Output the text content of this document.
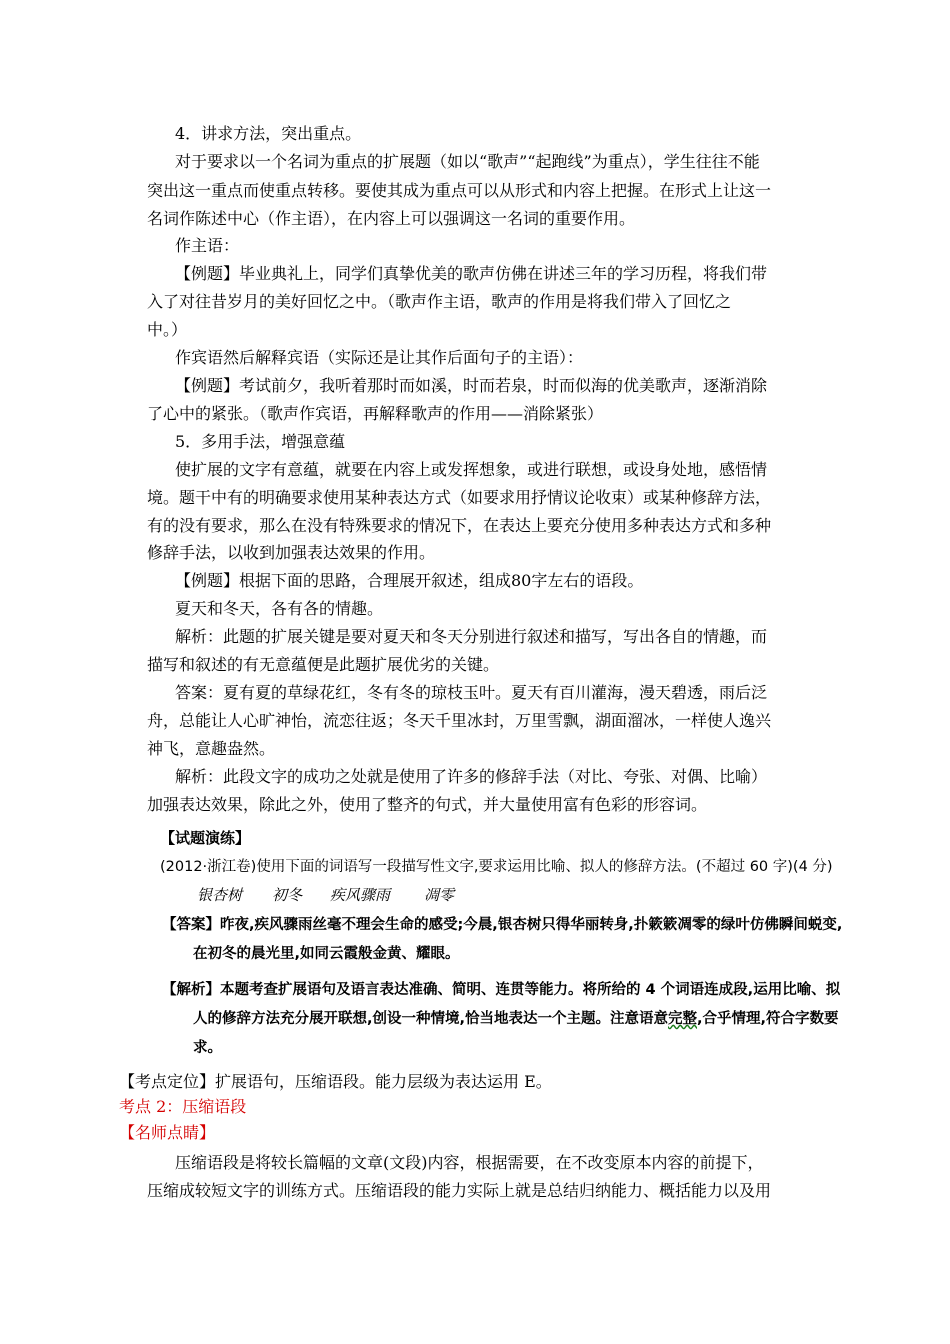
4．讲求方法，突出重点。
对于要求以一个名词为重点的扩展题（如以“歌声”“起跑线”为重点），学生往往不能
突出这一重点而使重点转移。要使其成为重点可以从形式和内容上把握。在形式上让这一
名词作陈述中心（作主语），在内容上可以强调这一名词的重要作用。
作主语：
【例题】毕业典礼上，同学们真挚优美的歌声仿佛在讲述三年的学习历程，将我们带
入了对往昔岁月的美好回忆之中。（歌声作主语，歌声的作用是将我们带入了回忆之
中。）
作宾语然后解释宾语（实际还是让其作后面句子的主语）：
【例题】考试前夕，我听着那时而如溪，时而若泉，时而似海的优美歌声，逐渐消除
了心中的紧张。（歌声作宾语，再解释歌声的作用——消除紧张）
5．多用手法，增强意蕴
使扩展的文字有意蕴，就要在内容上或发挥想象，或进行联想，或设身处地，感悟情
境。题干中有的明确要求使用某种表达方式（如要求用抒情议论收束）或某种修辞方法，
有的没有要求，那么在没有特殊要求的情况下，在表达上要充分使用多种表达方式和多种
修辞手法，以收到加强表达效果的作用。
【例题】根据下面的思路，合理展开叙述，组成80字左右的语段。
夏天和冬天，各有各的情趣。
解析：此题的扩展关键是要对夏天和冬天分别进行叙述和描写，写出各自的情趣，而
描写和叙述的有无意蕴便是此题扩展优劣的关键。
答案：夏有夏的草绿花红，冬有冬的琼枝玉叶。夏天有百川灌海，漫天碧透，雨后泛
舟，总能让人心旷神怡，流恋往返；冬天千里冰封，万里雪飘，湖面溜冰，一样使人逸兴
神飞，意趣盎然。
解析：此段文字的成功之处就是使用了许多的修辞手法（对比、夸张、对偶、比喻）
加强表达效果，除此之外，使用了整齐的句式，并大量使用富有色彩的形容词。
【试题演练】
(2012·浙江卷)使用下面的词语写一段描写性文字,要求运用比喻、拟人的修辞方法。(不超过 60 字)(4 分)
银杏树 初冬 疾风骤雨 凋零
【答案】昨夜,疾风骤雨丝毫不理会生命的感受;今晨,银杏树只得华丽转身,扑簌簌凋零的绿叶仿佛瞬间蜕变,
在初冬的晨光里,如同云霞般金黄、耀眼。
【解析】本题考查扩展语句及语言表达准确、简明、连贯等能力。将所给的 4 个词语连成段,运用比喻、拟
人的修辞方法充分展开联想,创设一种情境,恰当地表达一个主题。注意语意完整,合乎情理,符合字数要
求。
【考点定位】扩展语句，压缩语段。能力层级为表达运用 E。
考点 2：压缩语段
【名师点睛】
压缩语段是将较长篇幅的文章(文段)内容，根据需要，在不改变原本内容的前提下，
压缩成较短文字的训练方式。压缩语段的能力实际上就是总结归纳能力、概括能力以及用
